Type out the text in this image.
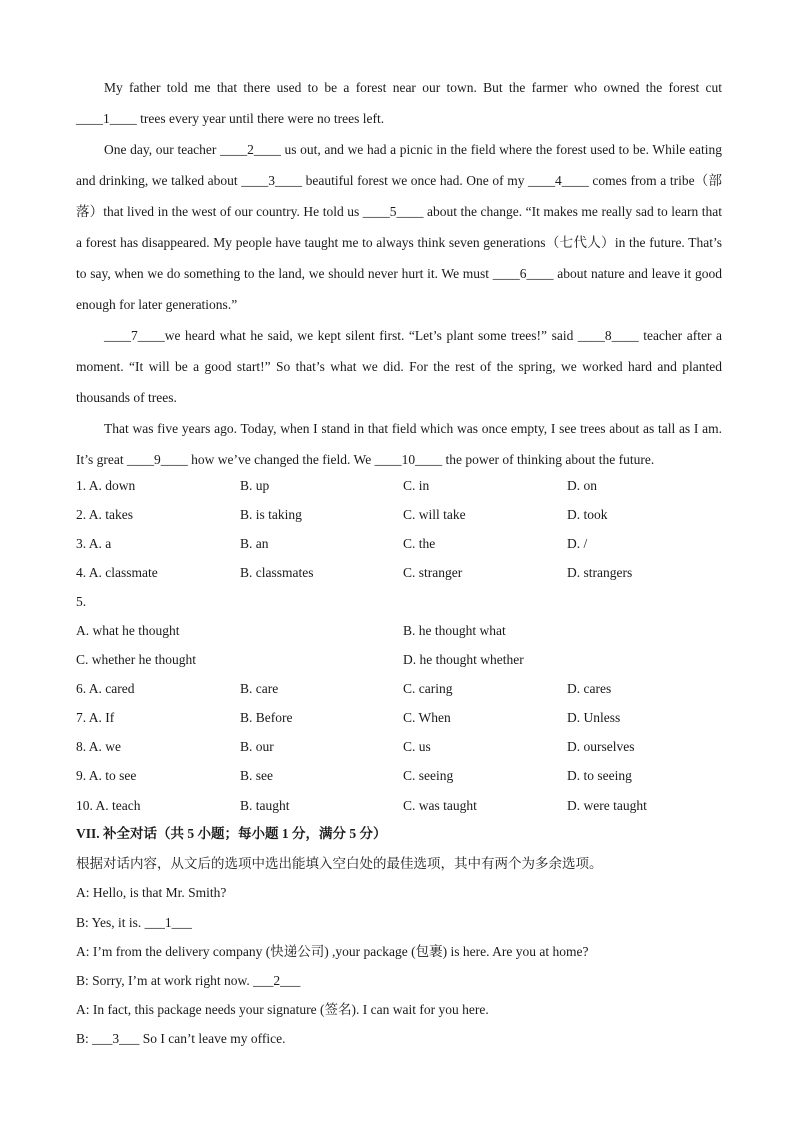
My father told me that there used to be a forest near our town. But the farmer who owned the forest cut ____1____ trees every year until there were no trees left.

One day, our teacher ____2____ us out, and we had a picnic in the field where the forest used to be. While eating and drinking, we talked about ____3____ beautiful forest we once had. One of my ____4____ comes from a tribe（部落）that lived in the west of our country. He told us ____5____ about the change. “It makes me really sad to learn that a forest has disappeared. My people have taught me to always think seven generations（七代人）in the future. That’s to say, when we do something to the land, we should never hurt it. We must ____6____ about nature and leave it good enough for later generations.”

____7____we heard what he said, we kept silent first. “Let’s plant some trees!” said ____8____ teacher after a moment. “It will be a good start!” So that’s what we did. For the rest of the spring, we worked hard and planted thousands of trees.

That was five years ago. Today, when I stand in that field which was once empty, I see trees about as tall as I am. It’s great ____9____ how we’ve changed the field. We ____10____ the power of thinking about the future.

1. A. down	B. up	C. in	D. on
2. A. takes	B. is taking	C. will take	D. took
3. A. a	B. an	C. the	D. /
4. A. classmate	B. classmates	C. stranger	D. strangers
5.
A. what he thought	B. he thought what
C. whether he thought	D. he thought whether
6. A. cared	B. care	C. caring	D. cares
7. A. If	B. Before	C. When	D. Unless
8. A. we	B. our	C. us	D. ourselves
9. A. to see	B. see	C. seeing	D. to seeing
10. A. teach	B. taught	C. was taught	D. were taught
VII. 补全对话（共 5 小题；每小题 1 分，满分 5 分）
根据对话内容，从文后的选项中选出能填入空白处的最佳选项，其中有两个为多余选项。
A: Hello, is that Mr. Smith?
B: Yes, it is. ___1___
A: I’m from the delivery company (快递公司) ,your package (包裹) is here. Are you at home?
B: Sorry, I’m at work right now. ___2___
A: In fact, this package needs your signature (签名). I can wait for you here.
B: ___3___ So I can’t leave my office.
